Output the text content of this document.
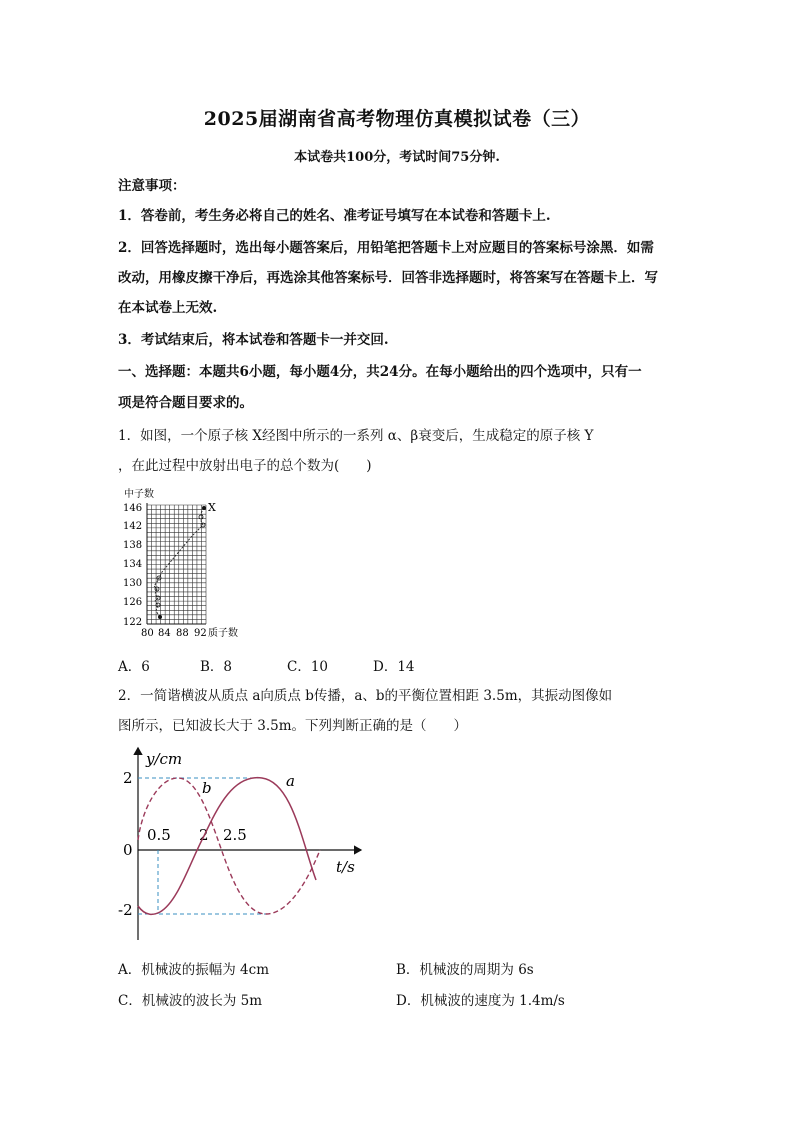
2025届湖南省高考物理仿真模拟试卷（三）
本试卷共100分，考试时间75分钟.
注意事项：
1．答卷前，考生务必将自己的姓名、准考证号填写在本试卷和答题卡上.
2．回答选择题时，选出每小题答案后，用铅笔把答题卡上对应题目的答案标号涂黑．如需
改动，用橡皮擦干净后，再选涂其他答案标号．回答非选择题时，将答案写在答题卡上．写
在本试卷上无效.
3．考试结束后，将本试卷和答题卡一并交回.
一、选择题：本题共6小题，每小题4分，共24分。在每小题给出的四个选项中，只有一
项是符合题目要求的。
1．如图，一个原子核 X经图中所示的一系列 α、β衰变后，生成稳定的原子核 Y
，在此过程中放射出电子的总个数为(　　)
中子数
146
142
138
134
130
126
122
80 84 88 92 质子数
X
A．6	B．8	C．10	D．14
2．一简谐横波从质点 a向质点 b传播，a、b的平衡位置相距 3.5m，其振动图像如
图所示，已知波长大于 3.5m。下列判断正确的是（　　）
y/cm
t/s
2
0
-2
0.5 2 2.5
a
b
A．机械波的振幅为 4cm	B．机械波的周期为 6s
C．机械波的波长为 5m	D．机械波的速度为 1.4m/s
